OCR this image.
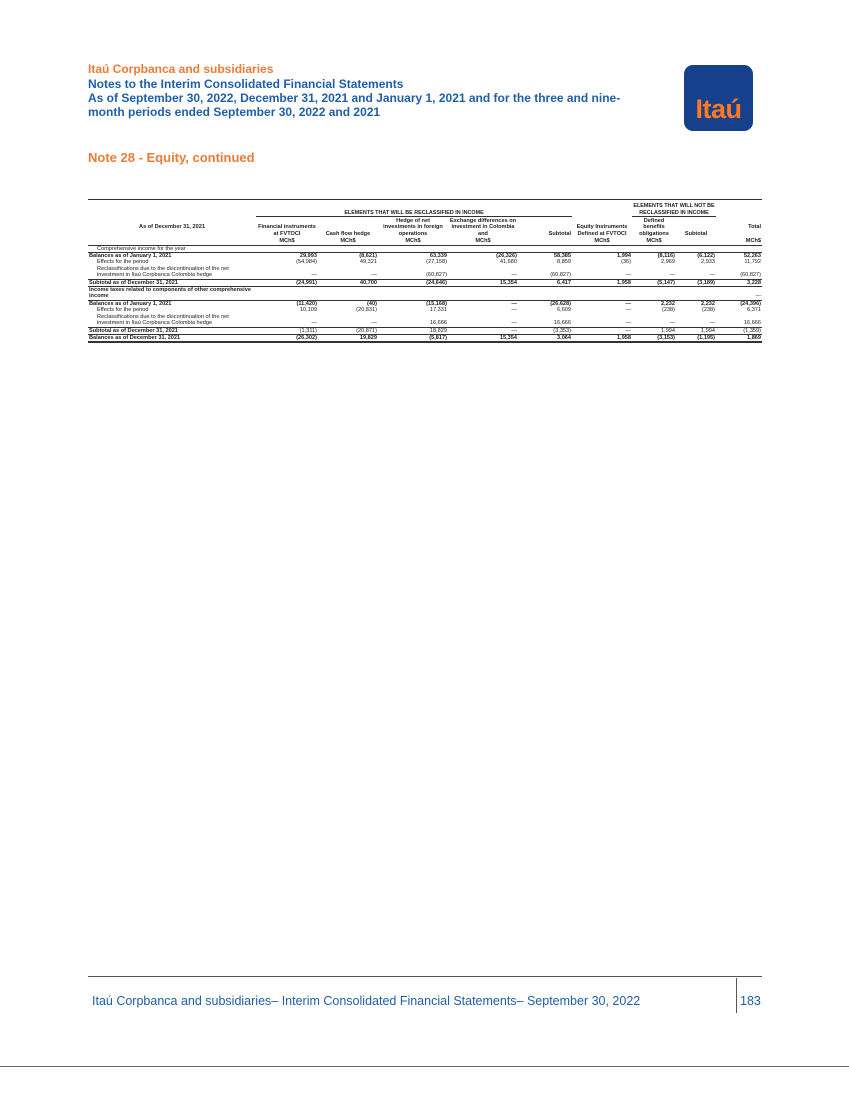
Itaú Corpbanca and subsidiaries
Notes to the Interim Consolidated Financial Statements
As of September 30, 2022, December 31, 2021 and January 1, 2021 and for the three and nine-
month periods ended September 30, 2022 and 2021	Itaú
Note 28 - Equity, continued
	ELEMENTS THAT WILL BE RECLASSIFIED IN INCOME						ELEMENTS THAT WILL NOT BE RECLASSIFIED IN INCOME		
As of December 31, 2021	Financial instruments at FVTOCI	Cash flow hedge	Hedge of net investments in foreign operations	Exchange differences on investment in Colombia and	Subtotal	Equity Instruments Defined at FVTOCI	Defined benefits obligations	Subtotal	Total
	MCh$	MCh$	MCh$	MCh$		MCh$	MCh$		MCh$
Comprehensive income for the year									
Balances as of January 1, 2021	29,993	(8,621)	63,339	(26,326)	58,385	1,994	(8,116)	(6,122)	52,263
Effects for the period	(54,984)	49,321	(27,158)	41,680	8,859	(36)	2,969	2,933	11,792
Reclassifications due to the discontinuation of the net investment in Itaú Corpbanca Colombia hedge	—	—	(60,827)	—	(60,827)	—	—	—	(60,827)
Subtotal as of December 31, 2021	(24,991)	40,700	(24,646)	15,354	6,417	1,958	(5,147)	(3,189)	3,228
Income taxes related to components of other comprehensive income									—
Balances as of January 1, 2021	(11,420)	(40)	(15,168)	—	(26,628)	—	2,232	2,232	(24,396)
Effects for the period	10,109	(20,831)	17,331	—	6,609	—	(238)	(238)	6,371
Reclassifications due to the discontinuation of the net investment in Itaú Corpbanca Colombia hedge	—	—	16,666	—	16,666	—	—	—	16,666
Subtotal as of December 31, 2021	(1,311)	(20,871)	18,829	—	(3,353)	—	1,994	1,994	(1,359)
Balances as of December 31, 2021	(26,302)	19,829	(5,817)	15,354	3,064	1,958	(3,153)	(1,195)	1,869
Itaú Corpbanca and subsidiaries– Interim Consolidated Financial Statements– September 30, 2022	183
